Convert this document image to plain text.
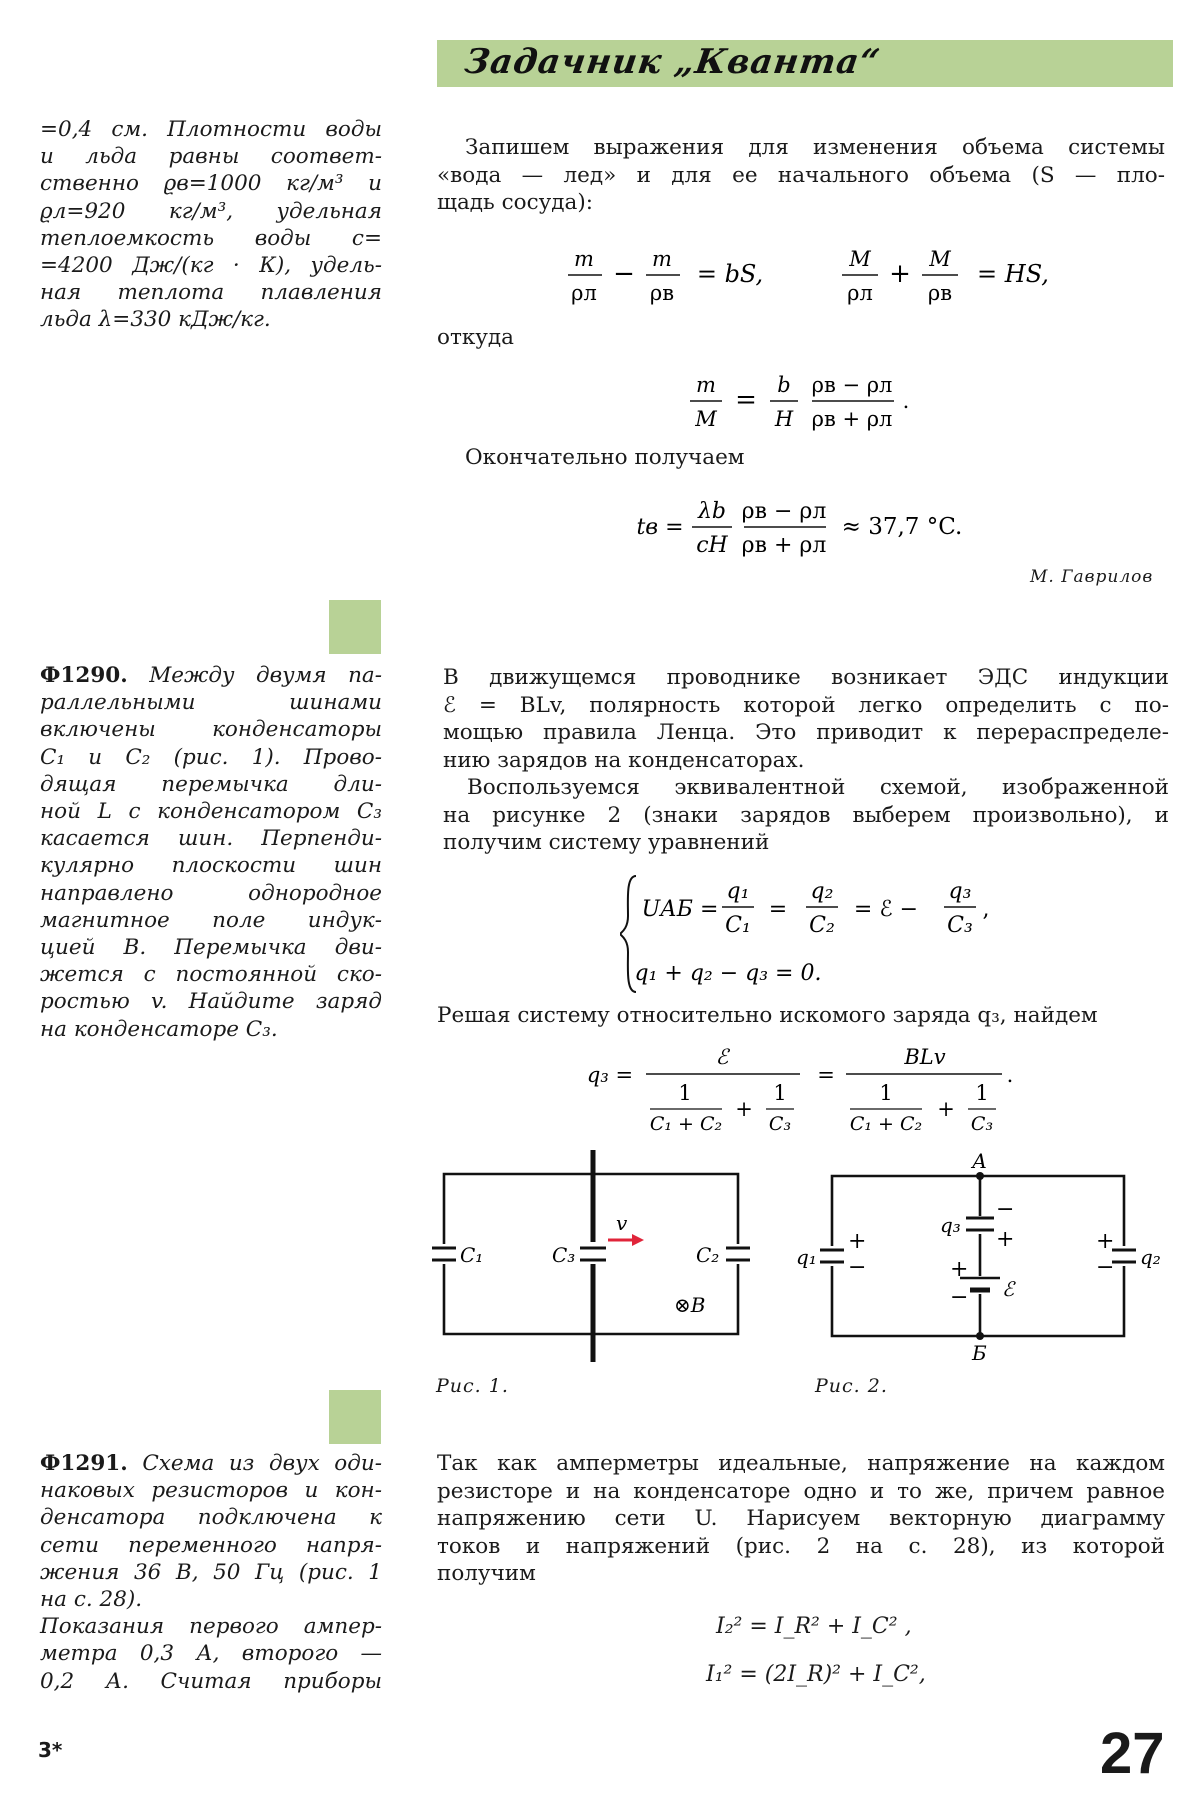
Задачник „Кванта“
=0,4 см. Плотности воды
и льда равны соответ-
ственно ϱв=1000 кг/м³ и
ϱл=920 кг/м³, удельная
теплоемкость воды с=
=4200 Дж/(кг · К), удель-
ная теплота плавления
льда λ=330 кДж/кг.
Ф1290. Между двумя па-
раллельными шинами
включены конденсаторы
C₁ и C₂ (рис. 1). Прово-
дящая перемычка дли-
ной L с конденсатором C₃
касается шин. Перпенди-
кулярно плоскости шин
направлено однородное
магнитное поле индук-
цией B. Перемычка дви-
жется с постоянной ско-
ростью v. Найдите заряд
на конденсаторе C₃.
Ф1291. Схема из двух оди-
наковых резисторов и кон-
денсатора подключена к
сети переменного напря-
жения 36 В, 50 Гц (рис. 1
на с. 28).
Показания первого ампер-
метра 0,3 А, второго —
0,2 А. Считая приборы
3*
Запишем выражения для изменения объема системы
«вода — лед» и для ее начального объема (S — пло-
щадь сосуда):
m
ρл
− m
ρв
= bS,
M
ρл
+ M
ρв
= HS,
откуда
m
M
= b
H
ρв − ρл
ρв + ρл
.
Окончательно получаем
tв =
λb
cH
ρв − ρл
ρв + ρл
≈ 37,7 °C.
М. Гаврилов
В движущемся проводнике возникает ЭДС индукции
ℰ = BLv, полярность которой легко определить с по-
мощью правила Ленца. Это приводит к перераспределе-
нию зарядов на конденсаторах.
Воспользуемся эквивалентной схемой, изображенной
на рисунке 2 (знаки зарядов выберем произвольно), и
получим систему уравнений
UАБ =
q₁
C₁
=
q₂
C₂
= ℰ −
q₃
C₃
,
q₁ + q₂ − q₃ = 0.
Решая систему относительно искомого заряда q₃, найдем
q₃ =
ℰ
1
C₁ + C₂
+
1
C₃
=
BLv
1
C₁ + C₂
+
1
C₃
.
C₁	C₃	C₂
v
⊗B
Рис. 1.
А
Б
q₁	q₂
q₃
ℰ
+
−
+
−
−
+
+
−
Рис. 2.
Так как амперметры идеальные, напряжение на каждом
резисторе и на конденсаторе одно и то же, причем равное
напряжению сети U. Нарисуем векторную диаграмму
токов и напряжений (рис. 2 на с. 28), из которой
получим
I₂² = I_R² + I_C² ,
I₁² = (2I_R)² + I_C²,
27
